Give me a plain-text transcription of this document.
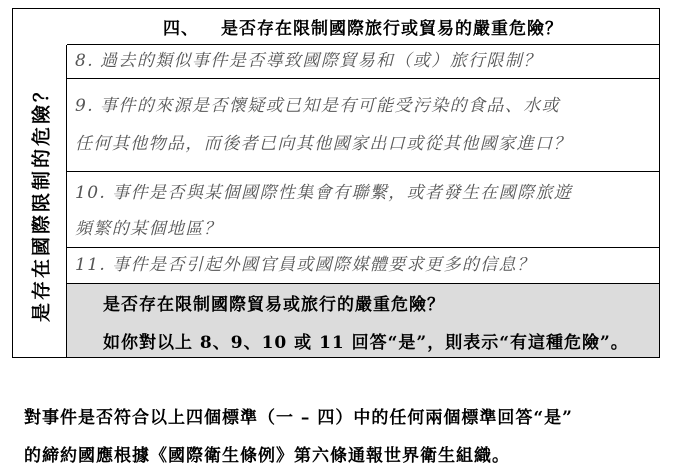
是存在國際限制的危險？
四、 是否存在限制國際旅行或貿易的嚴重危險？
8. 過去的類似事件是否導致國際貿易和（或）旅行限制？
9. 事件的來源是否懷疑或已知是有可能受污染的食品、水或
任何其他物品，而後者已向其他國家出口或從其他國家進口？
10. 事件是否與某個國際性集會有聯繫，或者發生在國際旅遊
頻繁的某個地區？
11. 事件是否引起外國官員或國際媒體要求更多的信息？
是否存在限制國際貿易或旅行的嚴重危險？
如你對以上 8、9、10 或 11 回答“是”，則表示“有這種危險”。
對事件是否符合以上四個標準（一 – 四）中的任何兩個標準回答“是”
的締約國應根據《國際衛生條例》第六條通報世界衛生組織。
